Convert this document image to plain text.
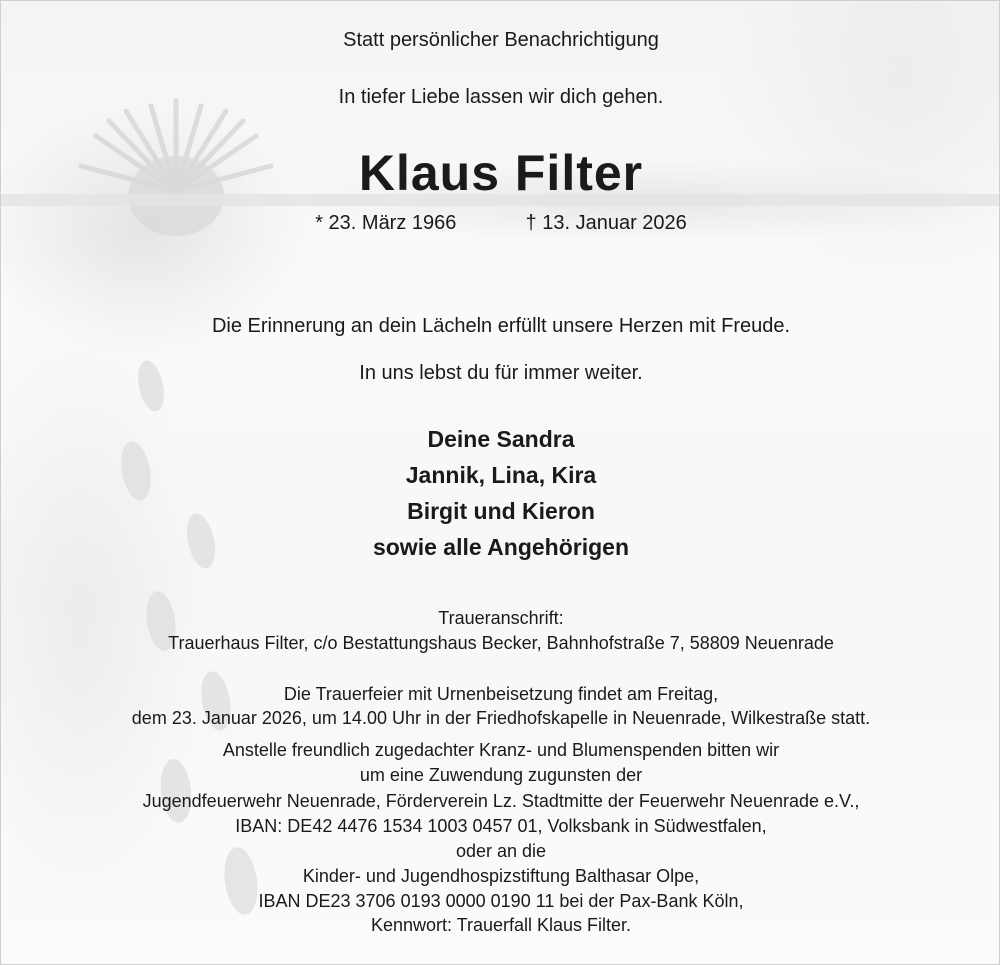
Statt persönlicher Benachrichtigung

In tiefer Liebe lassen wir dich gehen.

Klaus Filter

* 23. März 1966	† 13. Januar 2026

Die Erinnerung an dein Lächeln erfüllt unsere Herzen mit Freude.

In uns lebst du für immer weiter.

Deine Sandra

Jannik, Lina, Kira

Birgit und Kieron

sowie alle Angehörigen

Traueranschrift:

Trauerhaus Filter, c/o Bestattungshaus Becker, Bahnhofstraße 7, 58809 Neuenrade

Die Trauerfeier mit Urnenbeisetzung findet am Freitag,

dem 23. Januar 2026, um 14.00 Uhr in der Friedhofskapelle in Neuenrade, Wilkestraße statt.

Anstelle freundlich zugedachter Kranz- und Blumenspenden bitten wir

um eine Zuwendung zugunsten der

Jugendfeuerwehr Neuenrade, Förderverein Lz. Stadtmitte der Feuerwehr Neuenrade e.V.,

IBAN: DE42 4476 1534 1003 0457 01, Volksbank in Südwestfalen,

oder an die

Kinder- und Jugendhospizstiftung Balthasar Olpe,

IBAN DE23 3706 0193 0000 0190 11 bei der Pax-Bank Köln,

Kennwort: Trauerfall Klaus Filter.
